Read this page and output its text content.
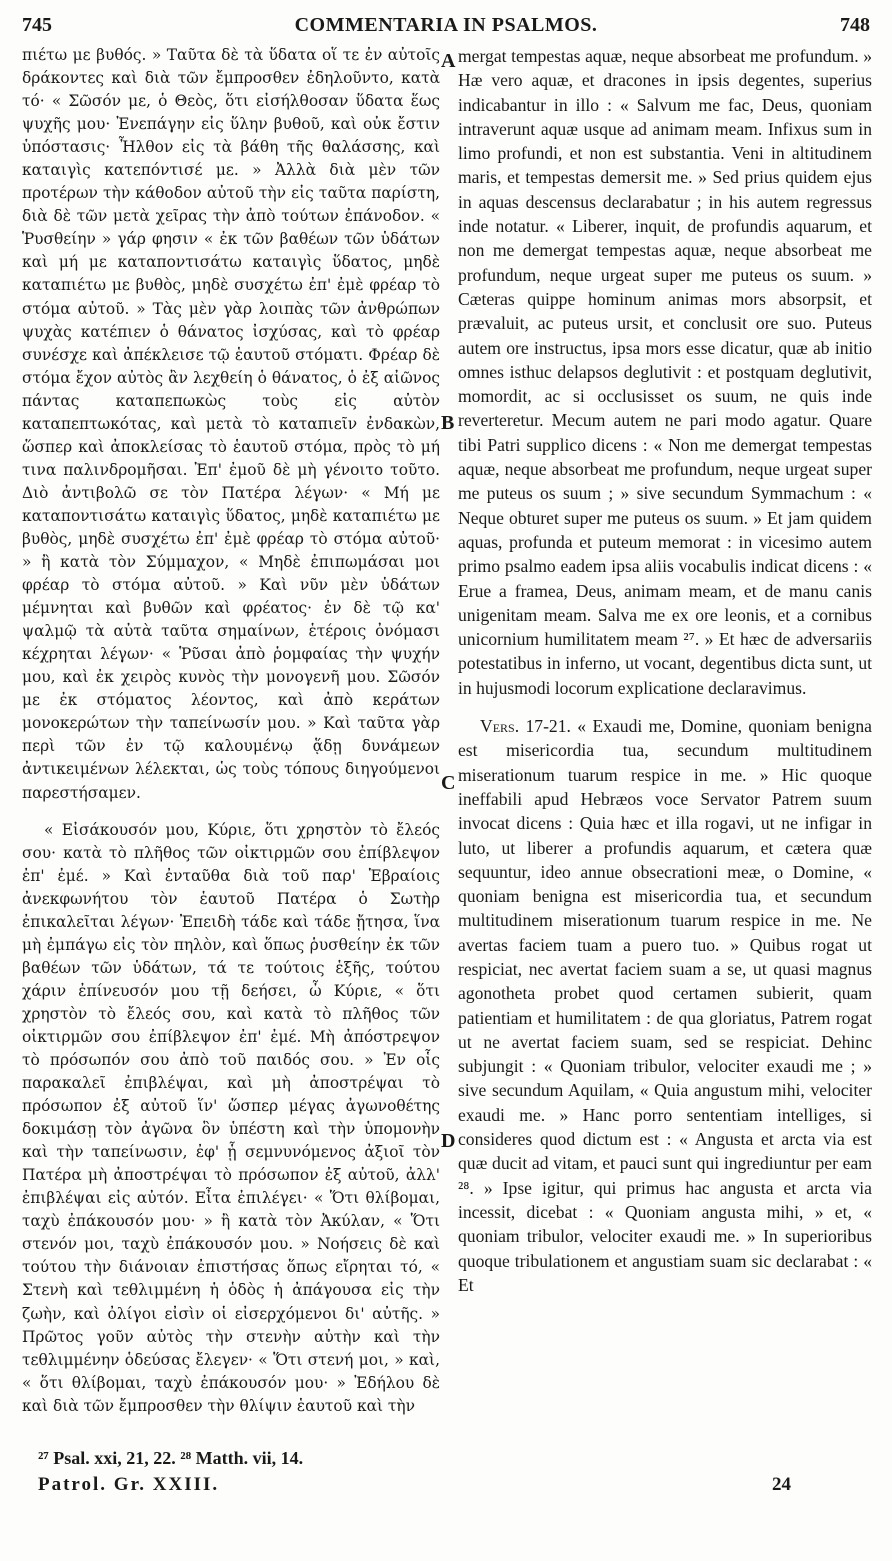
745	COMMENTARIA IN PSALMOS.	748

πιέτω με βυθός. » Ταῦτα δὲ τὰ ὕδατα οἵ τε ἐν αὐτοῖς δράκοντες καὶ διὰ τῶν ἔμπροσθεν ἐδηλοῦντο, κατὰ τό· « Σῶσόν με, ὁ Θεὸς, ὅτι εἰσήλθοσαν ὕδατα ἕως ψυχῆς μου· Ἐνεπάγην εἰς ὕλην βυθοῦ, καὶ οὐκ ἔστιν ὑπόστασις· Ἦλθον εἰς τὰ βάθη τῆς θαλάσσης, καὶ καταιγὶς κατεπόντισέ με. » Ἀλλὰ διὰ μὲν τῶν προτέρων τὴν κάθοδον αὐτοῦ τὴν εἰς ταῦτα παρίστη, διὰ δὲ τῶν μετὰ χεῖρας τὴν ἀπὸ τούτων ἐπάνοδον. « Ῥυσθείην » γάρ φησιν « ἐκ τῶν βαθέων τῶν ὑδάτων καὶ μή με καταποντισάτω καταιγὶς ὕδατος, μηδὲ καταπιέτω με βυθὸς, μηδὲ συσχέτω ἐπ' ἐμὲ φρέαρ τὸ στόμα αὐτοῦ. » Τὰς μὲν γὰρ λοιπὰς τῶν ἀνθρώπων ψυχὰς κατέπιεν ὁ θάνατος ἰσχύσας, καὶ τὸ φρέαρ συνέσχε καὶ ἀπέκλεισε τῷ ἑαυτοῦ στόματι. Φρέαρ δὲ στόμα ἔχον αὐτὸς ἂν λεχθείη ὁ θάνατος, ὁ ἐξ αἰῶνος πάντας καταπεπωκὼς τοὺς εἰς αὐτὸν καταπεπτωκότας, καὶ μετὰ τὸ καταπιεῖν ἐνδακὼν, ὥσπερ καὶ ἀποκλείσας τὸ ἑαυτοῦ στόμα, πρὸς τὸ μή τινα παλινδρομῆσαι. Ἐπ' ἐμοῦ δὲ μὴ γένοιτο τοῦτο. Διὸ ἀντιβολῶ σε τὸν Πατέρα λέγων· « Μή με καταποντισάτω καταιγὶς ὕδατος, μηδὲ καταπιέτω με βυθὸς, μηδὲ συσχέτω ἐπ' ἐμὲ φρέαρ τὸ στόμα αὐτοῦ· » ἢ κατὰ τὸν Σύμμαχον, « Μηδὲ ἐπιπωμάσαι μοι φρέαρ τὸ στόμα αὐτοῦ. » Καὶ νῦν μὲν ὑδάτων μέμνηται καὶ βυθῶν καὶ φρέατος· ἐν δὲ τῷ κα' ψαλμῷ τὰ αὐτὰ ταῦτα σημαίνων, ἑτέροις ὀνόμασι κέχρηται λέγων· « Ῥῦσαι ἀπὸ ῥομφαίας τὴν ψυχήν μου, καὶ ἐκ χειρὸς κυνὸς τὴν μονογενῆ μου. Σῶσόν με ἐκ στόματος λέοντος, καὶ ἀπὸ κεράτων μονοκερώτων τὴν ταπείνωσίν μου. » Καὶ ταῦτα γὰρ περὶ τῶν ἐν τῷ καλουμένῳ ᾅδῃ δυνάμεων ἀντικειμένων λέλεκται, ὡς τοὺς τόπους διηγούμενοι παρεστήσαμεν.

« Εἰσάκουσόν μου, Κύριε, ὅτι χρηστὸν τὸ ἔλεός σου· κατὰ τὸ πλῆθος τῶν οἰκτιρμῶν σου ἐπίβλεψον ἐπ' ἐμέ. » Καὶ ἐνταῦθα διὰ τοῦ παρ' Ἑβραίοις ἀνεκφωνήτου τὸν ἑαυτοῦ Πατέρα ὁ Σωτὴρ ἐπικαλεῖται λέγων· Ἐπειδὴ τάδε καὶ τάδε ᾔτησα, ἵνα μὴ ἐμπάγω εἰς τὸν πηλὸν, καὶ ὅπως ῥυσθείην ἐκ τῶν βαθέων τῶν ὑδάτων, τά τε τούτοις ἑξῆς, τούτου χάριν ἐπίνευσόν μου τῇ δεήσει, ὦ Κύριε, « ὅτι χρηστὸν τὸ ἔλεός σου, καὶ κατὰ τὸ πλῆθος τῶν οἰκτιρμῶν σου ἐπίβλεψον ἐπ' ἐμέ. Μὴ ἀπόστρεψον τὸ πρόσωπόν σου ἀπὸ τοῦ παιδός σου. » Ἐν οἷς παρακαλεῖ ἐπιβλέψαι, καὶ μὴ ἀποστρέψαι τὸ πρόσωπον ἐξ αὐτοῦ ἵν' ὥσπερ μέγας ἀγωνοθέτης δοκιμάσῃ τὸν ἀγῶνα ὃν ὑπέστη καὶ τὴν ὑπομονὴν καὶ τὴν ταπείνωσιν, ἐφ' ᾗ σεμνυνόμενος ἀξιοῖ τὸν Πατέρα μὴ ἀποστρέψαι τὸ πρόσωπον ἐξ αὐτοῦ, ἀλλ' ἐπιβλέψαι εἰς αὐτόν. Εἶτα ἐπιλέγει· « Ὅτι θλίβομαι, ταχὺ ἐπάκουσόν μου· » ἢ κατὰ τὸν Ἀκύλαν, « Ὅτι στενόν μοι, ταχὺ ἐπάκουσόν μου. » Νοήσεις δὲ καὶ τούτου τὴν διάνοιαν ἐπιστήσας ὅπως εἴρηται τό, « Στενὴ καὶ τεθλιμμένη ἡ ὁδὸς ἡ ἀπάγουσα εἰς τὴν ζωὴν, καὶ ὀλίγοι εἰσὶν οἱ εἰσερχόμενοι δι' αὐτῆς. » Πρῶτος γοῦν αὐτὸς τὴν στενὴν αὐτὴν καὶ τὴν τεθλιμμένην ὁδεύσας ἔλεγεν· « Ὅτι στενή μοι, » καὶ, « ὅτι θλίβομαι, ταχὺ ἐπάκουσόν μου· » Ἐδήλου δὲ καὶ διὰ τῶν ἔμπροσθεν τὴν θλίψιν ἑαυτοῦ καὶ τὴν

A
B
C
D

mergat tempestas aquæ, neque absorbeat me profundum. » Hæ vero aquæ, et dracones in ipsis degentes, superius indicabantur in illo : « Salvum me fac, Deus, quoniam intraverunt aquæ usque ad animam meam. Infixus sum in limo profundi, et non est substantia. Veni in altitudinem maris, et tempestas demersit me. » Sed prius quidem ejus in aquas descensus declarabatur ; in his autem regressus inde notatur. « Liberer, inquit, de profundis aquarum, et non me demergat tempestas aquæ, neque absorbeat me profundum, neque urgeat super me puteus os suum. » Cæteras quippe hominum animas mors absorpsit, et prævaluit, ac puteus ursit, et conclusit ore suo. Puteus autem ore instructus, ipsa mors esse dicatur, quæ ab initio omnes isthuc delapsos deglutivit : et postquam deglutivit, momordit, ac si occlusisset os suum, ne quis inde reverteretur. Mecum autem ne pari modo agatur. Quare tibi Patri supplico dicens : « Non me demergat tempestas aquæ, neque absorbeat me profundum, neque urgeat super me puteus os suum ; » sive secundum Symmachum : « Neque obturet super me puteus os suum. » Et jam quidem aquas, profunda et puteum memorat : in vicesimo autem primo psalmo eadem ipsa aliis vocabulis indicat dicens : « Erue a framea, Deus, animam meam, et de manu canis unigenitam meam. Salva me ex ore leonis, et a cornibus unicornium humilitatem meam ²⁷. » Et hæc de adversariis potestatibus in inferno, ut vocant, degentibus dicta sunt, ut in hujusmodi locorum explicatione declaravimus.

Vers. 17-21. « Exaudi me, Domine, quoniam benigna est misericordia tua, secundum multitudinem miserationum tuarum respice in me. » Hic quoque ineffabili apud Hebræos voce Servator Patrem suum invocat dicens : Quia hæc et illa rogavi, ut ne infigar in luto, ut liberer a profundis aquarum, et cætera quæ sequuntur, ideo annue obsecrationi meæ, o Domine, « quoniam benigna est misericordia tua, et secundum multitudinem miserationum tuarum respice in me. Ne avertas faciem tuam a puero tuo. » Quibus rogat ut respiciat, nec avertat faciem suam a se, ut quasi magnus agonotheta probet quod certamen subierit, quam patientiam et humilitatem : de qua gloriatus, Patrem rogat ut ne avertat faciem suam, sed se respiciat. Dehinc subjungit : « Quoniam tribulor, velociter exaudi me ; » sive secundum Aquilam, « Quia angustum mihi, velociter exaudi me. » Hanc porro sententiam intelliges, si consideres quod dictum est : « Angusta et arcta via est quæ ducit ad vitam, et pauci sunt qui ingrediuntur per eam ²⁸. » Ipse igitur, qui primus hac angusta et arcta via incessit, dicebat : « Quoniam angusta mihi, » et, « quoniam tribulor, velociter exaudi me. » In superioribus quoque tribulationem et angustiam suam sic declarabat : « Et

²⁷ Psal. xxi, 21, 22. ²⁸ Matth. vii, 14.
Patrol. Gr. XXIII.	24
